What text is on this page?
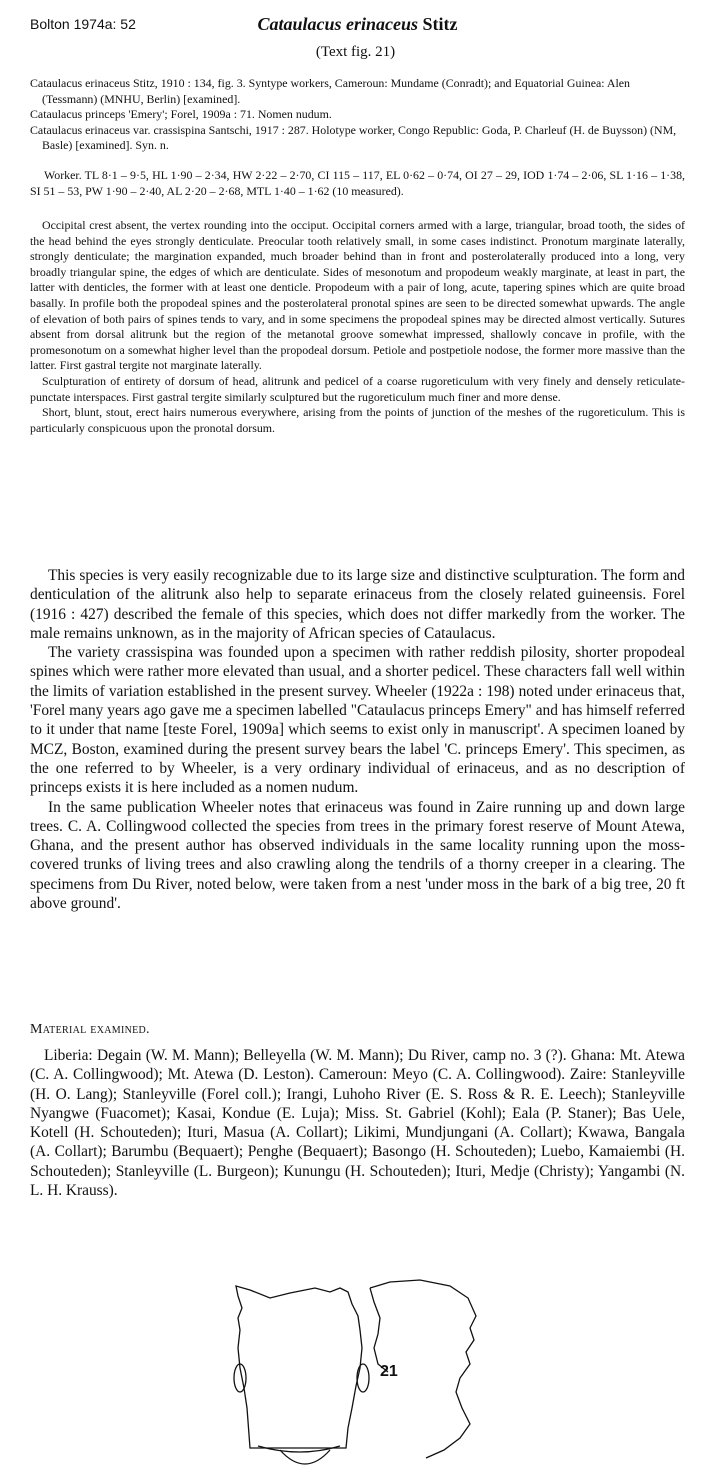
Bolton 1974a: 52	Cataulacus erinaceus Stitz
(Text fig. 21)

Cataulacus erinaceus Stitz, 1910 : 134, fig. 3. Syntype workers, Cameroun: Mundame (Conradt); and Equatorial Guinea: Alen (Tessmann) (MNHU, Berlin) [examined].

Cataulacus princeps 'Emery'; Forel, 1909a : 71. Nomen nudum.

Cataulacus erinaceus var. crassispina Santschi, 1917 : 287. Holotype worker, Congo Republic: Goda, P. Charleuf (H. de Buysson) (NM, Basle) [examined]. Syn. n.

Worker. TL 8·1 – 9·5, HL 1·90 – 2·34, HW 2·22 – 2·70, CI 115 – 117, EL 0·62 – 0·74, OI 27 – 29, IOD 1·74 – 2·06, SL 1·16 – 1·38, SI 51 – 53, PW 1·90 – 2·40, AL 2·20 – 2·68, MTL 1·40 – 1·62 (10 measured).

Occipital crest absent, the vertex rounding into the occiput. Occipital corners armed with a large, triangular, broad tooth, the sides of the head behind the eyes strongly denticulate. Preocular tooth relatively small, in some cases indistinct. Pronotum marginate laterally, strongly denticulate; the margination expanded, much broader behind than in front and posterolaterally produced into a long, very broadly triangular spine, the edges of which are denticulate. Sides of mesonotum and propodeum weakly marginate, at least in part, the latter with denticles, the former with at least one denticle. Propodeum with a pair of long, acute, tapering spines which are quite broad basally. In profile both the propodeal spines and the posterolateral pronotal spines are seen to be directed somewhat upwards. The angle of elevation of both pairs of spines tends to vary, and in some specimens the propodeal spines may be directed almost vertically. Sutures absent from dorsal alitrunk but the region of the metanotal groove somewhat impressed, shallowly concave in profile, with the promesonotum on a somewhat higher level than the propodeal dorsum. Petiole and postpetiole nodose, the former more massive than the latter. First gastral tergite not marginate laterally.

Sculpturation of entirety of dorsum of head, alitrunk and pedicel of a coarse rugoreticulum with very finely and densely reticulate-punctate interspaces. First gastral tergite similarly sculptured but the rugoreticulum much finer and more dense.

Short, blunt, stout, erect hairs numerous everywhere, arising from the points of junction of the meshes of the rugoreticulum. This is particularly conspicuous upon the pronotal dorsum.

This species is very easily recognizable due to its large size and distinctive sculpturation. The form and denticulation of the alitrunk also help to separate erinaceus from the closely related guineensis. Forel (1916 : 427) described the female of this species, which does not differ markedly from the worker. The male remains unknown, as in the majority of African species of Cataulacus.

The variety crassispina was founded upon a specimen with rather reddish pilosity, shorter propodeal spines which were rather more elevated than usual, and a shorter pedicel. These characters fall well within the limits of variation established in the present survey. Wheeler (1922a : 198) noted under erinaceus that, 'Forel many years ago gave me a specimen labelled "Cataulacus princeps Emery" and has himself referred to it under that name [teste Forel, 1909a] which seems to exist only in manuscript'. A specimen loaned by MCZ, Boston, examined during the present survey bears the label 'C. princeps Emery'. This specimen, as the one referred to by Wheeler, is a very ordinary individual of erinaceus, and as no description of princeps exists it is here included as a nomen nudum.

In the same publication Wheeler notes that erinaceus was found in Zaire running up and down large trees. C. A. Collingwood collected the species from trees in the primary forest reserve of Mount Atewa, Ghana, and the present author has observed individuals in the same locality running upon the moss-covered trunks of living trees and also crawling along the tendrils of a thorny creeper in a clearing. The specimens from Du River, noted below, were taken from a nest 'under moss in the bark of a big tree, 20 ft above ground'.

Material examined.

Liberia: Degain (W. M. Mann); Belleyella (W. M. Mann); Du River, camp no. 3 (?). Ghana: Mt. Atewa (C. A. Collingwood); Mt. Atewa (D. Leston). Cameroun: Meyo (C. A. Collingwood). Zaire: Stanleyville (H. O. Lang); Stanleyville (Forel coll.); Irangi, Luhoho River (E. S. Ross & R. E. Leech); Stanleyville Nyangwe (Fuacomet); Kasai, Kondue (E. Luja); Miss. St. Gabriel (Kohl); Eala (P. Staner); Bas Uele, Kotell (H. Schouteden); Ituri, Masua (A. Collart); Likimi, Mundjungani (A. Collart); Kwawa, Bangala (A. Collart); Barumbu (Bequaert); Penghe (Bequaert); Basongo (H. Schouteden); Luebo, Kamaiembi (H. Schouteden); Stanleyville (L. Burgeon); Kunungu (H. Schouteden); Ituri, Medje (Christy); Yangambi (N. L. H. Krauss).

21
